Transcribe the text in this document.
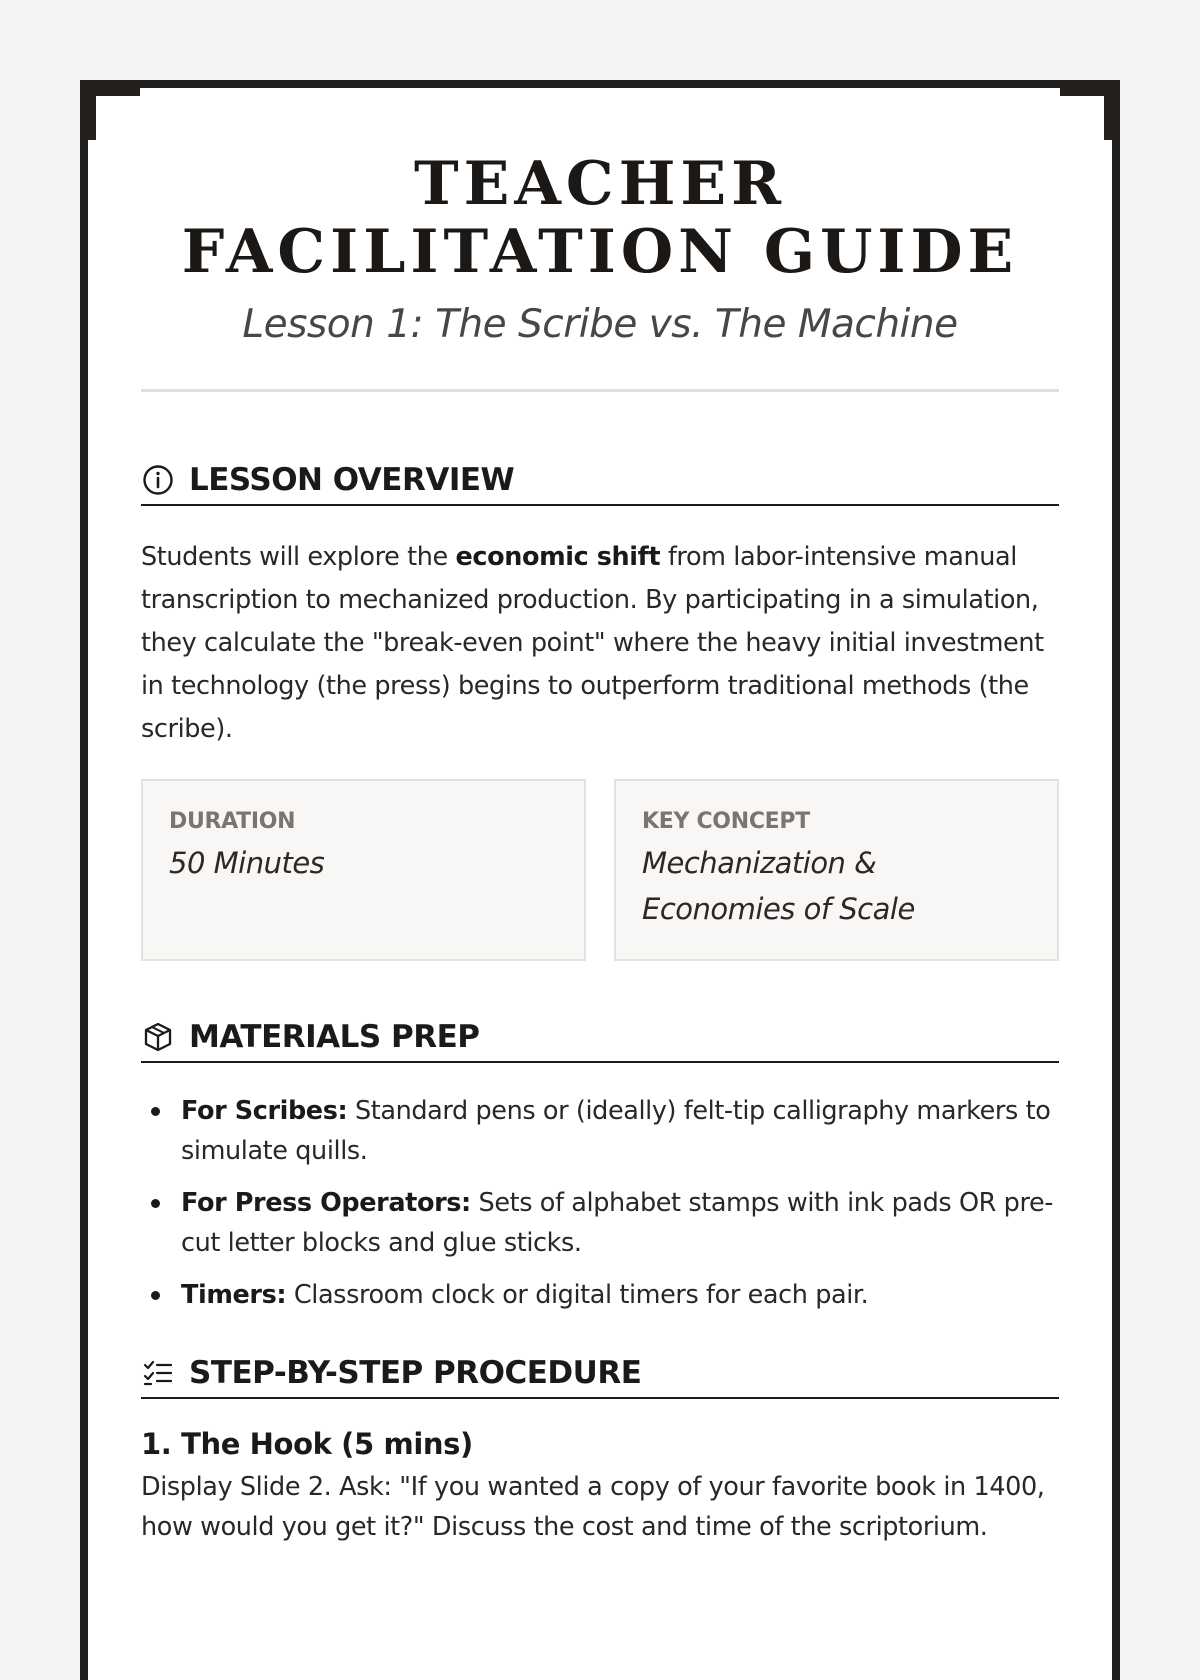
TEACHER FACILITATION GUIDE
Lesson 1: The Scribe vs. The Machine
LESSON OVERVIEW
Students will explore the economic shift from labor-intensive manual transcription to mechanized production. By participating in a simulation, they calculate the "break-even point" where the heavy initial investment in technology (the press) begins to outperform traditional methods (the scribe).
DURATION
50 Minutes
KEY CONCEPT
Mechanization & Economies of Scale
MATERIALS PREP
For Scribes: Standard pens or (ideally) felt-tip calligraphy markers to simulate quills.
For Press Operators: Sets of alphabet stamps with ink pads OR pre-cut letter blocks and glue sticks.
Timers: Classroom clock or digital timers for each pair.
STEP-BY-STEP PROCEDURE
1. The Hook (5 mins)
Display Slide 2. Ask: "If you wanted a copy of your favorite book in 1400, how would you get it?" Discuss the cost and time of the scriptorium.
